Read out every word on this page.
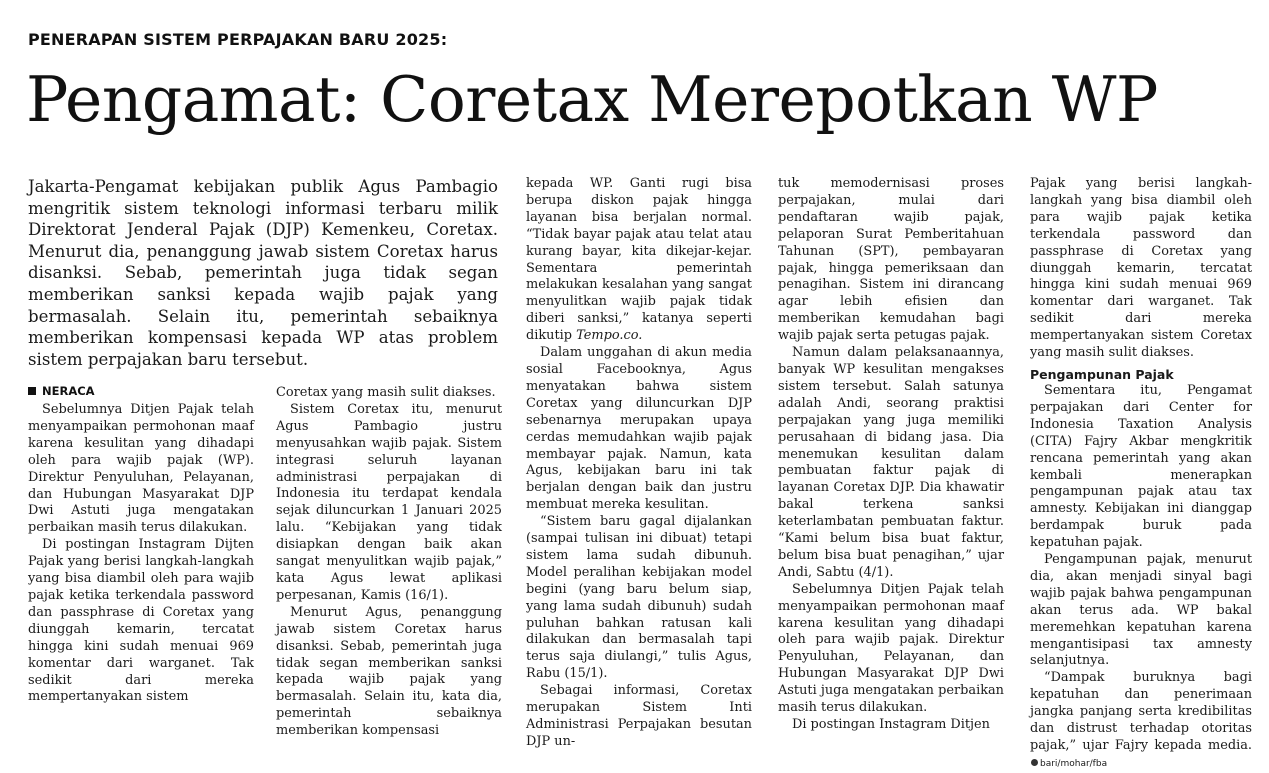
PENERAPAN SISTEM PERPAJAKAN BARU 2025:
Pengamat: Coretax Merepotkan WP

Jakarta-Pengamat kebijakan publik Agus Pambagio mengritik sistem teknologi informasi terbaru milik Direktorat Jenderal Pajak (DJP) Kemenkeu, Coretax. Menurut dia, penanggung jawab sistem Coretax harus disanksi. Sebab, pemerintah juga tidak segan memberikan sanksi kepada wajib pajak yang bermasalah. Selain itu, pemerintah sebaiknya memberikan kompensasi kepada WP atas problem sistem perpajakan baru tersebut.

NERACA

Sebelumnya Ditjen Pajak telah menyampaikan permohonan maaf karena kesulitan yang dihadapi oleh para wajib pajak (WP). Direktur Penyuluhan, Pelayanan, dan Hubungan Masyarakat DJP Dwi Astuti juga mengatakan perbaikan masih terus dilakukan.

Di postingan Instagram Dijten Pajak yang berisi langkah-langkah yang bisa diambil oleh para wajib pajak ketika terkendala password dan passphrase di Coretax yang diunggah kemarin, tercatat hingga kini sudah menuai 969 komentar dari warganet. Tak sedikit dari mereka mempertanyakan sistem

Coretax yang masih sulit diakses.

Sistem Coretax itu, menurut Agus Pambagio justru menyusahkan wajib pajak. Sistem integrasi seluruh layanan administrasi perpajakan di Indonesia itu terdapat kendala sejak diluncurkan 1 Januari 2025 lalu. “Kebijakan yang tidak disiapkan dengan baik akan sangat menyulitkan wajib pajak,” kata Agus lewat aplikasi perpesanan, Kamis (16/1).

Menurut Agus, penanggung jawab sistem Coretax harus disanksi. Sebab, pemerintah juga tidak segan memberikan sanksi kepada wajib pajak yang bermasalah. Selain itu, kata dia, pemerintah sebaiknya memberikan kompensasi

kepada WP. Ganti rugi bisa berupa diskon pajak hingga layanan bisa berjalan normal. “Tidak bayar pajak atau telat atau kurang bayar, kita dikejar-kejar. Sementara pemerintah melakukan kesalahan yang sangat menyulitkan wajib pajak tidak diberi sanksi,” katanya seperti dikutip Tempo.co.

Dalam unggahan di akun media sosial Facebooknya, Agus menyatakan bahwa sistem Coretax yang diluncurkan DJP sebenarnya merupakan upaya cerdas memudahkan wajib pajak membayar pajak. Namun, kata Agus, kebijakan baru ini tak berjalan dengan baik dan justru membuat mereka kesulitan.

“Sistem baru gagal dijalankan (sampai tulisan ini dibuat) tetapi sistem lama sudah dibunuh. Model peralihan kebijakan model begini (yang baru belum siap, yang lama sudah dibunuh) sudah puluhan bahkan ratusan kali dilakukan dan bermasalah tapi terus saja diulangi,” tulis Agus, Rabu (15/1).

Sebagai informasi, Coretax merupakan Sistem Inti Administrasi Perpajakan besutan DJP un-

tuk memodernisasi proses perpajakan, mulai dari pendaftaran wajib pajak, pelaporan Surat Pemberitahuan Tahunan (SPT), pembayaran pajak, hingga pemeriksaan dan penagihan. Sistem ini dirancang agar lebih efisien dan memberikan kemudahan bagi wajib pajak serta petugas pajak.

Namun dalam pelaksanaannya, banyak WP kesulitan mengakses sistem tersebut. Salah satunya adalah Andi, seorang praktisi perpajakan yang juga memiliki perusahaan di bidang jasa. Dia menemukan kesulitan dalam pembuatan faktur pajak di layanan Coretax DJP. Dia khawatir bakal terkena sanksi keterlambatan pembuatan faktur. “Kami belum bisa buat faktur, belum bisa buat penagihan,” ujar Andi, Sabtu (4/1).

Sebelumnya Ditjen Pajak telah menyampaikan permohonan maaf karena kesulitan yang dihadapi oleh para wajib pajak. Direktur Penyuluhan, Pelayanan, dan Hubungan Masyarakat DJP Dwi Astuti juga mengatakan perbaikan masih terus dilakukan.

Di postingan Instagram Ditjen

Pajak yang berisi langkah-langkah yang bisa diambil oleh para wajib pajak ketika terkendala password dan passphrase di Coretax yang diunggah kemarin, tercatat hingga kini sudah menuai 969 komentar dari warganet. Tak sedikit dari mereka mempertanyakan sistem Coretax yang masih sulit diakses.

Pengampunan Pajak

Sementara itu, Pengamat perpajakan dari Center for Indonesia Taxation Analysis (CITA) Fajry Akbar mengkritik rencana pemerintah yang akan kembali menerapkan pengampunan pajak atau tax amnesty. Kebijakan ini dianggap berdampak buruk pada kepatuhan pajak.

Pengampunan pajak, menurut dia, akan menjadi sinyal bagi wajib pajak bahwa pengampunan akan terus ada. WP bakal meremehkan kepatuhan karena mengantisipasi tax amnesty selanjutnya.

“Dampak buruknya bagi kepatuhan dan penerimaan jangka panjang serta kredibilitas dan distrust terhadap otoritas pajak,” ujar Fajry kepada media.bari/mohar/fba
